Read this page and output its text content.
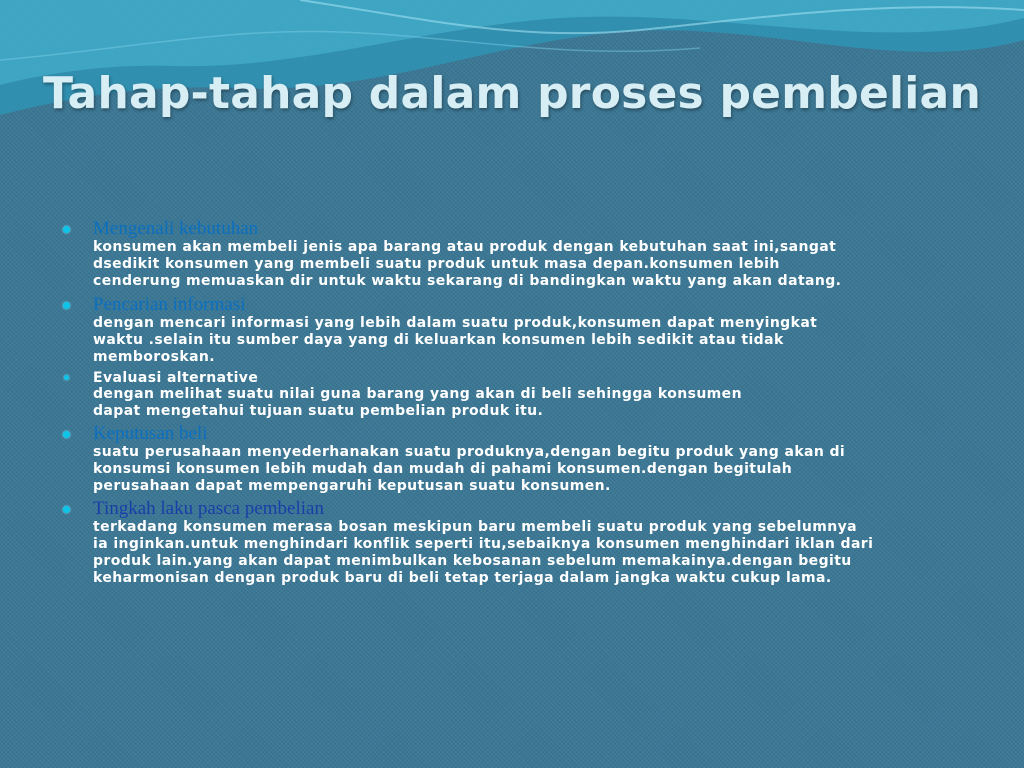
Tahap-tahap dalam proses pembelian
Mengenali kebutuhan
konsumen akan membeli jenis apa barang atau produk dengan kebutuhan saat ini,sangat
dsedikit konsumen yang membeli suatu produk untuk masa depan.konsumen lebih
cenderung memuaskan dir untuk waktu sekarang di bandingkan waktu yang akan datang.
Pencarian informasi
dengan mencari informasi yang lebih dalam suatu produk,konsumen dapat menyingkat
waktu .selain itu sumber daya yang di keluarkan konsumen lebih sedikit atau tidak
memboroskan.
Evaluasi alternative
dengan melihat suatu nilai guna barang yang akan di beli sehingga konsumen
dapat mengetahui tujuan suatu pembelian produk itu.
Keputusan beli
suatu perusahaan menyederhanakan suatu produknya,dengan begitu produk yang akan di
konsumsi konsumen lebih mudah dan mudah di pahami konsumen.dengan begitulah
perusahaan dapat mempengaruhi keputusan suatu konsumen.
Tingkah laku pasca pembelian
terkadang konsumen merasa bosan meskipun baru membeli suatu produk yang sebelumnya
ia inginkan.untuk menghindari konflik seperti itu,sebaiknya konsumen menghindari iklan dari
produk lain.yang akan dapat menimbulkan kebosanan sebelum memakainya.dengan begitu
keharmonisan dengan produk baru di beli tetap terjaga dalam jangka waktu cukup lama.
